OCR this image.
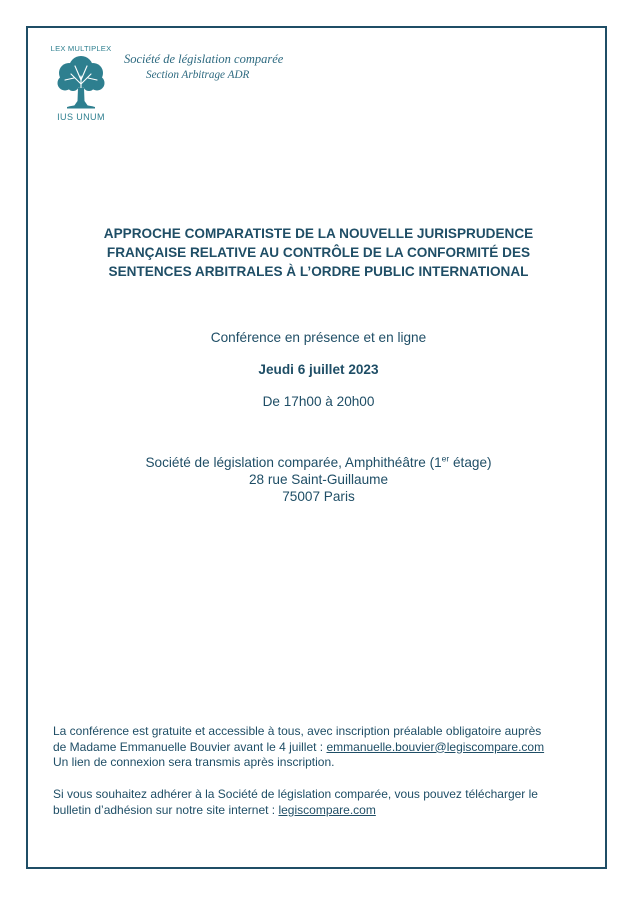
LEX MULTIPLEX
IUS UNUM
Société de législation comparée
Section Arbitrage ADR
APPROCHE COMPARATISTE DE LA NOUVELLE JURISPRUDENCE
FRANÇAISE RELATIVE AU CONTRÔLE DE LA CONFORMITÉ DES
SENTENCES ARBITRALES À L’ORDRE PUBLIC INTERNATIONAL
Conférence en présence et en ligne
Jeudi 6 juillet 2023
De 17h00 à 20h00
Société de législation comparée, Amphithéâtre (1er étage)
28 rue Saint-Guillaume
75007 Paris
La conférence est gratuite et accessible à tous, avec inscription préalable obligatoire auprès
de Madame Emmanuelle Bouvier avant le 4 juillet : emmanuelle.bouvier@legiscompare.com
Un lien de connexion sera transmis après inscription.
Si vous souhaitez adhérer à la Société de législation comparée, vous pouvez télécharger le
bulletin d’adhésion sur notre site internet : legiscompare.com
